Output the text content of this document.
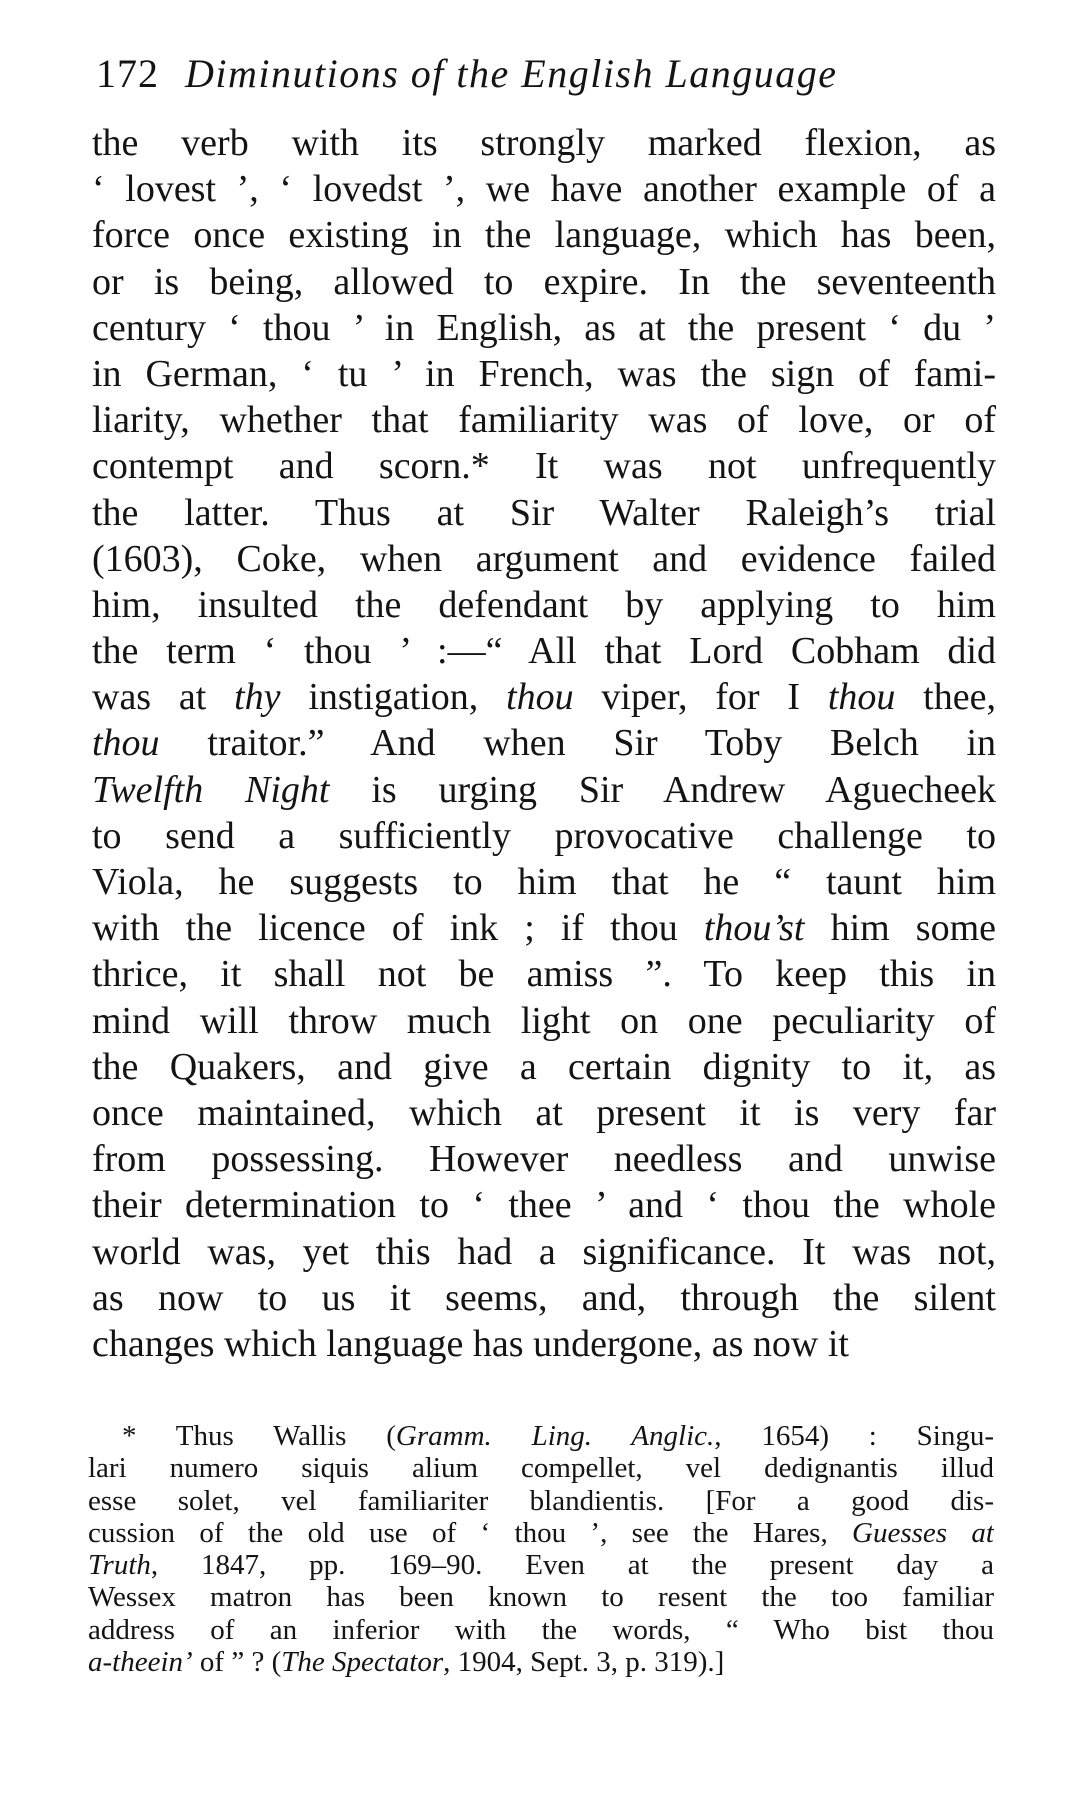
172 Diminutions of the English Language
the verb with its strongly marked flexion, as
‘ lovest ’, ‘ lovedst ’, we have another example of a
force once existing in the language, which has been,
or is being, allowed to expire. In the seventeenth
century ‘ thou ’ in English, as at the present ‘ du ’
in German, ‘ tu ’ in French, was the sign of fami-
liarity, whether that familiarity was of love, or of
contempt and scorn.* It was not unfrequently
the latter. Thus at Sir Walter Raleigh’s trial
(1603), Coke, when argument and evidence failed
him, insulted the defendant by applying to him
the term ‘ thou ’ :—“ All that Lord Cobham did
was at thy instigation, thou viper, for I thou thee,
thou traitor.” And when Sir Toby Belch in
Twelfth Night is urging Sir Andrew Aguecheek
to send a sufficiently provocative challenge to
Viola, he suggests to him that he “ taunt him
with the licence of ink ; if thou thou’st him some
thrice, it shall not be amiss ”. To keep this in
mind will throw much light on one peculiarity of
the Quakers, and give a certain dignity to it, as
once maintained, which at present it is very far
from possessing. However needless and unwise
their determination to ‘ thee ’ and ‘ thou the whole
world was, yet this had a significance. It was not,
as now to us it seems, and, through the silent
changes which language has undergone, as now it
* Thus Wallis (Gramm. Ling. Anglic., 1654) : Singu-
lari numero siquis alium compellet, vel dedignantis illud
esse solet, vel familiariter blandientis. [For a good dis-
cussion of the old use of ‘ thou ’, see the Hares, Guesses at
Truth, 1847, pp. 169–90. Even at the present day a
Wessex matron has been known to resent the too familiar
address of an inferior with the words, “ Who bist thou
a-theein’ of ” ? (The Spectator, 1904, Sept. 3, p. 319).]
